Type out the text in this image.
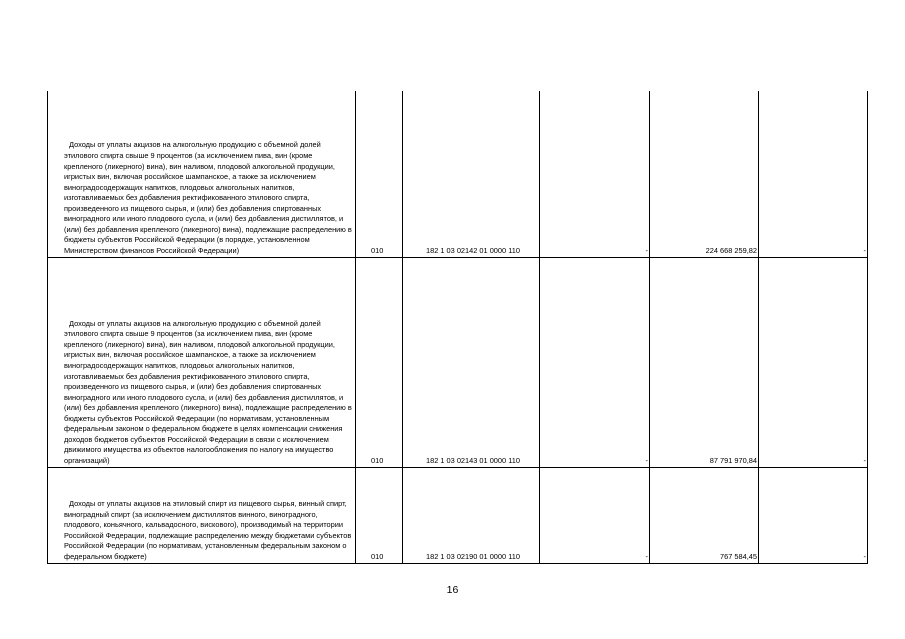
Доходы от уплаты акцизов на алкогольную продукцию с объемной долей этилового спирта свыше 9 процентов (за исключением пива, вин (кроме крепленого (ликерного) вина), вин наливом, плодовой алкогольной продукции, игристых вин, включая российское шампанское, а также за исключением виноградосодержащих напитков, плодовых алкогольных напитков, изготавливаемых без добавления ректификованного этилового спирта, произведенного из пищевого сырья, и (или) без добавления спиртованных виноградного или иного плодового сусла, и (или) без добавления дистиллятов, и (или) без добавления крепленого (ликерного) вина), подлежащие распределению в бюджеты субъектов Российской Федерации (в порядке, установленном Министерством финансов Российской Федерации)	010	182 1 03 02142 01 0000 110	-	224 668 259,82	-

Доходы от уплаты акцизов на алкогольную продукцию с объемной долей этилового спирта свыше 9 процентов (за исключением пива, вин (кроме крепленого (ликерного) вина), вин наливом, плодовой алкогольной продукции, игристых вин, включая российское шампанское, а также за исключением виноградосодержащих напитков, плодовых алкогольных напитков, изготавливаемых без добавления ректификованного этилового спирта, произведенного из пищевого сырья, и (или) без добавления спиртованных виноградного или иного плодового сусла, и (или) без добавления дистиллятов, и (или) без добавления крепленого (ликерного) вина), подлежащие распределению в бюджеты субъектов Российской Федерации (по нормативам, установленным федеральным законом о федеральном бюджете в целях компенсации снижения доходов бюджетов субъектов Российской Федерации в связи с исключением движимого имущества из объектов налогообложения по налогу на имущество организаций)	010	182 1 03 02143 01 0000 110	-	87 791 970,84	-

Доходы от уплаты акцизов на этиловый спирт из пищевого сырья, винный спирт, виноградный спирт (за исключением дистиллятов винного, виноградного, плодового, коньячного, кальвадосного, вискового), производимый на территории Российской Федерации, подлежащие распределению между бюджетами субъектов Российской Федерации (по нормативам, установленным федеральным законом о федеральном бюджете)	010	182 1 03 02190 01 0000 110	-	767 584,45	-
16
